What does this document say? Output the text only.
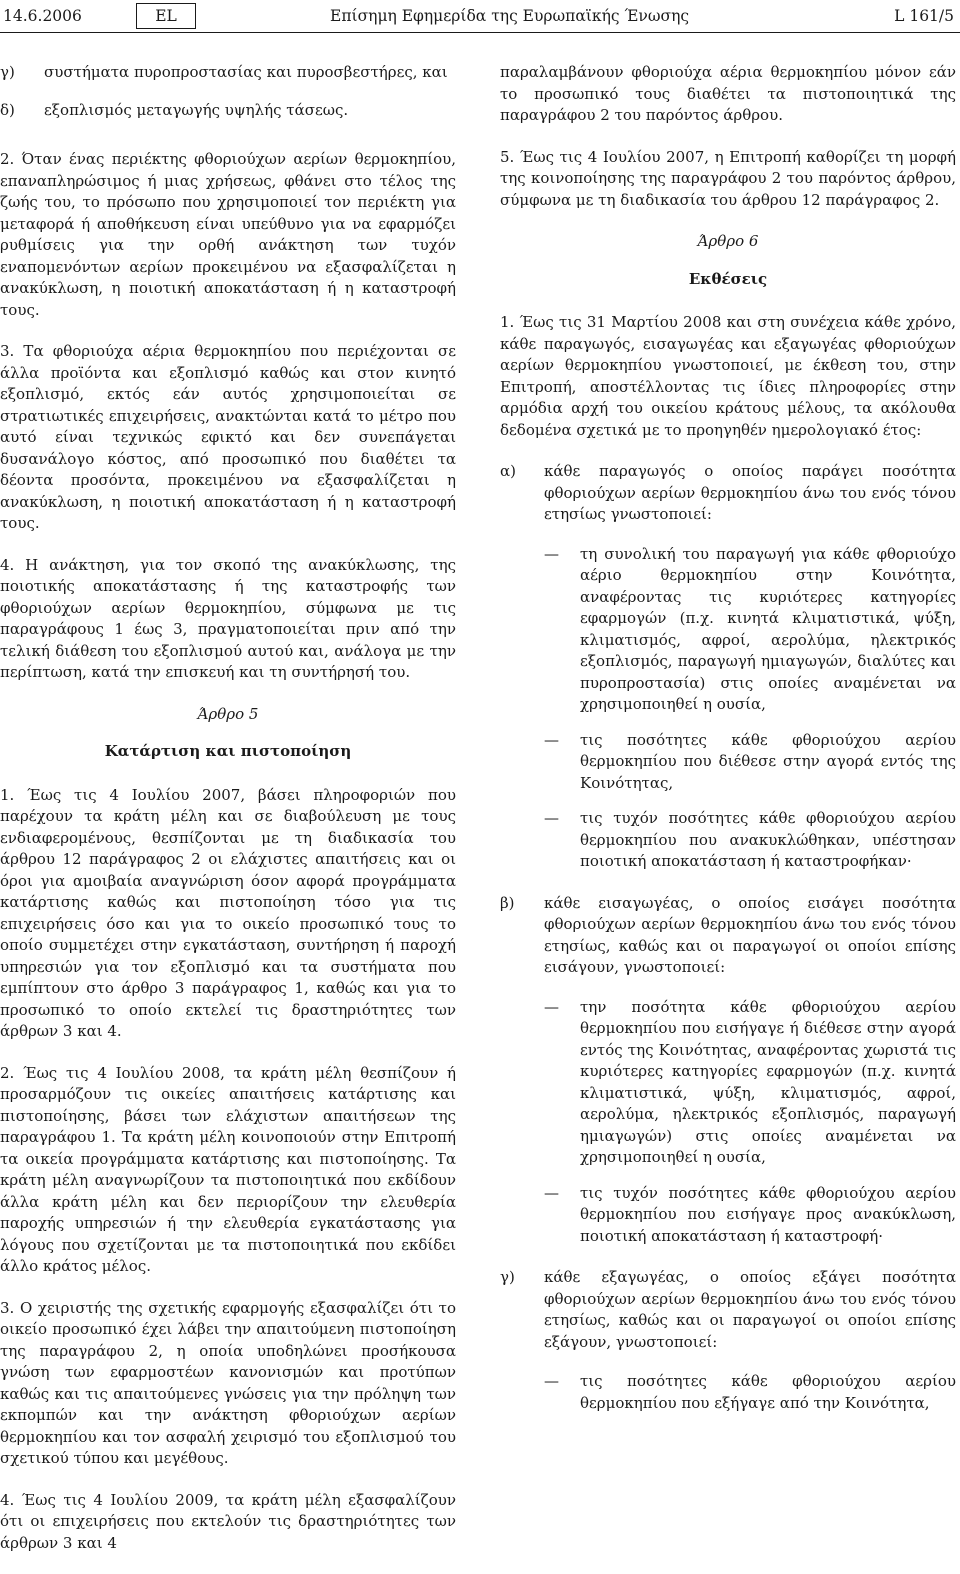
14.6.2006	EL	Επίσημη Εφημερίδα της Ευρωπαϊκής Ένωσης	L 161/5
γ)	συστήματα πυροπροστασίας και πυροσβεστήρες, και
δ)	εξοπλισμός μεταγωγής υψηλής τάσεως.

2. Όταν ένας περιέκτης φθοριούχων αερίων θερμοκηπίου, επαναπληρώσιμος ή μιας χρήσεως, φθάνει στο τέλος της ζωής του, το πρόσωπο που χρησιμοποιεί τον περιέκτη για μεταφορά ή αποθήκευση είναι υπεύθυνο για να εφαρμόζει ρυθμίσεις για την ορθή ανάκτηση των τυχόν εναπομενόντων αερίων προκειμένου να εξασφαλίζεται η ανακύκλωση, η ποιοτική αποκατάσταση ή η καταστροφή τους.

3. Τα φθοριούχα αέρια θερμοκηπίου που περιέχονται σε άλλα προϊόντα και εξοπλισμό καθώς και στον κινητό εξοπλισμό, εκτός εάν αυτός χρησιμοποιείται σε στρατιωτικές επιχειρήσεις, ανακτώνται κατά το μέτρο που αυτό είναι τεχνικώς εφικτό και δεν συνεπάγεται δυσανάλογο κόστος, από προσωπικό που διαθέτει τα δέοντα προσόντα, προκειμένου να εξασφαλίζεται η ανακύκλωση, η ποιοτική αποκατάσταση ή η καταστροφή τους.

4. Η ανάκτηση, για τον σκοπό της ανακύκλωσης, της ποιοτικής αποκατάστασης ή της καταστροφής των φθοριούχων αερίων θερμοκηπίου, σύμφωνα με τις παραγράφους 1 έως 3, πραγματοποιείται πριν από την τελική διάθεση του εξοπλισμού αυτού και, ανάλογα με την περίπτωση, κατά την επισκευή και τη συντήρησή του.

Άρθρο 5
Κατάρτιση και πιστοποίηση

1. Έως τις 4 Ιουλίου 2007, βάσει πληροφοριών που παρέχουν τα κράτη μέλη και σε διαβούλευση με τους ενδιαφερομένους, θεσπίζονται με τη διαδικασία του άρθρου 12 παράγραφος 2 οι ελάχιστες απαιτήσεις και οι όροι για αμοιβαία αναγνώριση όσον αφορά προγράμματα κατάρτισης καθώς και πιστοποίηση τόσο για τις επιχειρήσεις όσο και για το οικείο προσωπικό τους το οποίο συμμετέχει στην εγκατάσταση, συντήρηση ή παροχή υπηρεσιών για τον εξοπλισμό και τα συστήματα που εμπίπτουν στο άρθρο 3 παράγραφος 1, καθώς και για το προσωπικό το οποίο εκτελεί τις δραστηριότητες των άρθρων 3 και 4.

2. Έως τις 4 Ιουλίου 2008, τα κράτη μέλη θεσπίζουν ή προσαρμόζουν τις οικείες απαιτήσεις κατάρτισης και πιστοποίησης, βάσει των ελάχιστων απαιτήσεων της παραγράφου 1. Τα κράτη μέλη κοινοποιούν στην Επιτροπή τα οικεία προγράμματα κατάρτισης και πιστοποίησης. Τα κράτη μέλη αναγνωρίζουν τα πιστοποιητικά που εκδίδουν άλλα κράτη μέλη και δεν περιορίζουν την ελευθερία παροχής υπηρεσιών ή την ελευθερία εγκατάστασης για λόγους που σχετίζονται με τα πιστοποιητικά που εκδίδει άλλο κράτος μέλος.

3. Ο χειριστής της σχετικής εφαρμογής εξασφαλίζει ότι το οικείο προσωπικό έχει λάβει την απαιτούμενη πιστοποίηση της παραγράφου 2, η οποία υποδηλώνει προσήκουσα γνώση των εφαρμοστέων κανονισμών και προτύπων καθώς και τις απαιτούμενες γνώσεις για την πρόληψη των εκπομπών και την ανάκτηση φθοριούχων αερίων θερμοκηπίου και τον ασφαλή χειρισμό του εξοπλισμού του σχετικού τύπου και μεγέθους.

4. Έως τις 4 Ιουλίου 2009, τα κράτη μέλη εξασφαλίζουν ότι οι επιχειρήσεις που εκτελούν τις δραστηριότητες των άρθρων 3 και 4

παραλαμβάνουν φθοριούχα αέρια θερμοκηπίου μόνον εάν το προσωπικό τους διαθέτει τα πιστοποιητικά της παραγράφου 2 του παρόντος άρθρου.

5. Έως τις 4 Ιουλίου 2007, η Επιτροπή καθορίζει τη μορφή της κοινοποίησης της παραγράφου 2 του παρόντος άρθρου, σύμφωνα με τη διαδικασία του άρθρου 12 παράγραφος 2.

Άρθρο 6
Εκθέσεις

1. Έως τις 31 Μαρτίου 2008 και στη συνέχεια κάθε χρόνο, κάθε παραγωγός, εισαγωγέας και εξαγωγέας φθοριούχων αερίων θερμοκηπίου γνωστοποιεί, με έκθεση του, στην Επιτροπή, αποστέλλοντας τις ίδιες πληροφορίες στην αρμόδια αρχή του οικείου κράτους μέλους, τα ακόλουθα δεδομένα σχετικά με το προηγηθέν ημερολογιακό έτος:

α)	κάθε παραγωγός ο οποίος παράγει ποσότητα φθοριούχων αερίων θερμοκηπίου άνω του ενός τόνου ετησίως γνωστοποιεί:
—	τη συνολική του παραγωγή για κάθε φθοριούχο αέριο θερμοκηπίου στην Κοινότητα, αναφέροντας τις κυριότερες κατηγορίες εφαρμογών (π.χ. κινητά κλιματιστικά, ψύξη, κλιματισμός, αφροί, αερολύμα, ηλεκτρικός εξοπλισμός, παραγωγή ημιαγωγών, διαλύτες και πυροπροστασία) στις οποίες αναμένεται να χρησιμοποιηθεί η ουσία,
—	τις ποσότητες κάθε φθοριούχου αερίου θερμοκηπίου που διέθεσε στην αγορά εντός της Κοινότητας,
—	τις τυχόν ποσότητες κάθε φθοριούχου αερίου θερμοκηπίου που ανακυκλώθηκαν, υπέστησαν ποιοτική αποκατάσταση ή καταστροφήκαν·
β)	κάθε εισαγωγέας, ο οποίος εισάγει ποσότητα φθοριούχων αερίων θερμοκηπίου άνω του ενός τόνου ετησίως, καθώς και οι παραγωγοί οι οποίοι επίσης εισάγουν, γνωστοποιεί:
—	την ποσότητα κάθε φθοριούχου αερίου θερμοκηπίου που εισήγαγε ή διέθεσε στην αγορά εντός της Κοινότητας, αναφέροντας χωριστά τις κυριότερες κατηγορίες εφαρμογών (π.χ. κινητά κλιματιστικά, ψύξη, κλιματισμός, αφροί, αερολύμα, ηλεκτρικός εξοπλισμός, παραγωγή ημιαγωγών) στις οποίες αναμένεται να χρησιμοποιηθεί η ουσία,
—	τις τυχόν ποσότητες κάθε φθοριούχου αερίου θερμοκηπίου που εισήγαγε προς ανακύκλωση, ποιοτική αποκατάσταση ή καταστροφή·
γ)	κάθε εξαγωγέας, ο οποίος εξάγει ποσότητα φθοριούχων αερίων θερμοκηπίου άνω του ενός τόνου ετησίως, καθώς και οι παραγωγοί οι οποίοι επίσης εξάγουν, γνωστοποιεί:
—	τις ποσότητες κάθε φθοριούχου αερίου θερμοκηπίου που εξήγαγε από την Κοινότητα,
